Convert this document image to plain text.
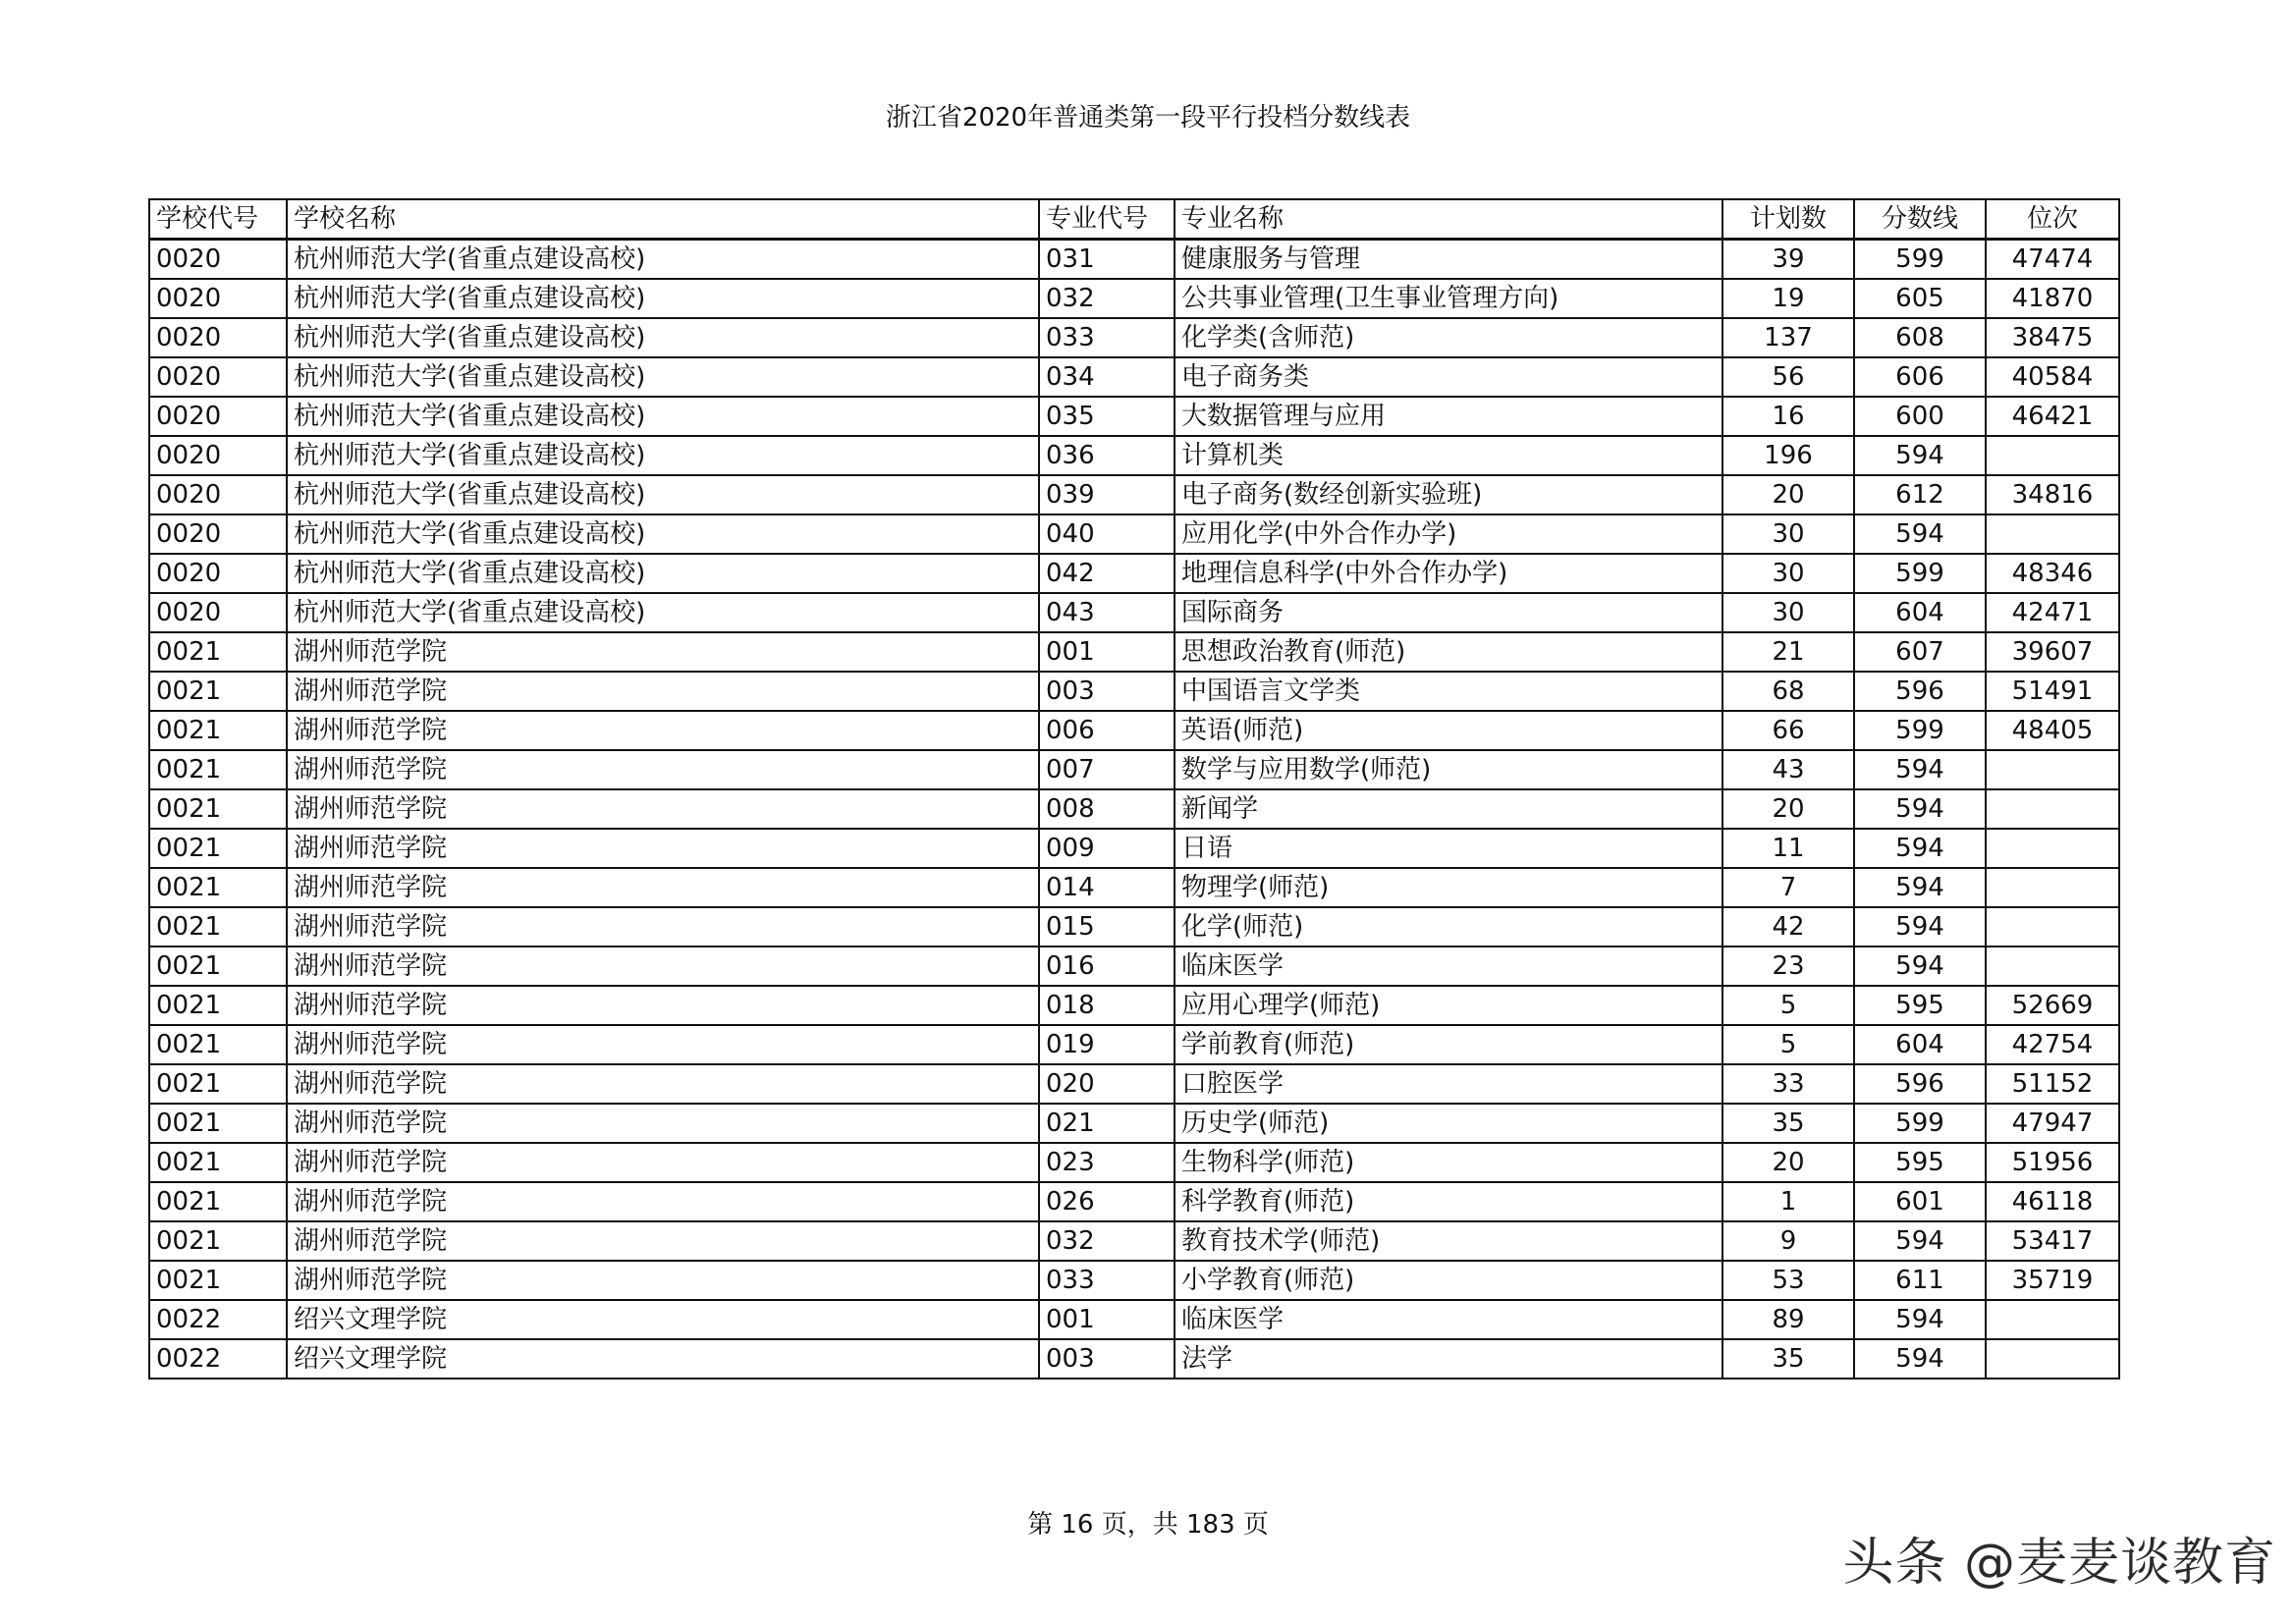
浙江省2020年普通类第一段平行投档分数线表
学校代号	学校名称	专业代号	专业名称	计划数	分数线	位次
0020	杭州师范大学(省重点建设高校)	031	健康服务与管理	39	599	47474
0020	杭州师范大学(省重点建设高校)	032	公共事业管理(卫生事业管理方向)	19	605	41870
0020	杭州师范大学(省重点建设高校)	033	化学类(含师范)	137	608	38475
0020	杭州师范大学(省重点建设高校)	034	电子商务类	56	606	40584
0020	杭州师范大学(省重点建设高校)	035	大数据管理与应用	16	600	46421
0020	杭州师范大学(省重点建设高校)	036	计算机类	196	594	
0020	杭州师范大学(省重点建设高校)	039	电子商务(数经创新实验班)	20	612	34816
0020	杭州师范大学(省重点建设高校)	040	应用化学(中外合作办学)	30	594	
0020	杭州师范大学(省重点建设高校)	042	地理信息科学(中外合作办学)	30	599	48346
0020	杭州师范大学(省重点建设高校)	043	国际商务	30	604	42471
0021	湖州师范学院	001	思想政治教育(师范)	21	607	39607
0021	湖州师范学院	003	中国语言文学类	68	596	51491
0021	湖州师范学院	006	英语(师范)	66	599	48405
0021	湖州师范学院	007	数学与应用数学(师范)	43	594	
0021	湖州师范学院	008	新闻学	20	594	
0021	湖州师范学院	009	日语	11	594	
0021	湖州师范学院	014	物理学(师范)	7	594	
0021	湖州师范学院	015	化学(师范)	42	594	
0021	湖州师范学院	016	临床医学	23	594	
0021	湖州师范学院	018	应用心理学(师范)	5	595	52669
0021	湖州师范学院	019	学前教育(师范)	5	604	42754
0021	湖州师范学院	020	口腔医学	33	596	51152
0021	湖州师范学院	021	历史学(师范)	35	599	47947
0021	湖州师范学院	023	生物科学(师范)	20	595	51956
0021	湖州师范学院	026	科学教育(师范)	1	601	46118
0021	湖州师范学院	032	教育技术学(师范)	9	594	53417
0021	湖州师范学院	033	小学教育(师范)	53	611	35719
0022	绍兴文理学院	001	临床医学	89	594	
0022	绍兴文理学院	003	法学	35	594	
第 16 页，共 183 页
头条 @麦麦谈教育
